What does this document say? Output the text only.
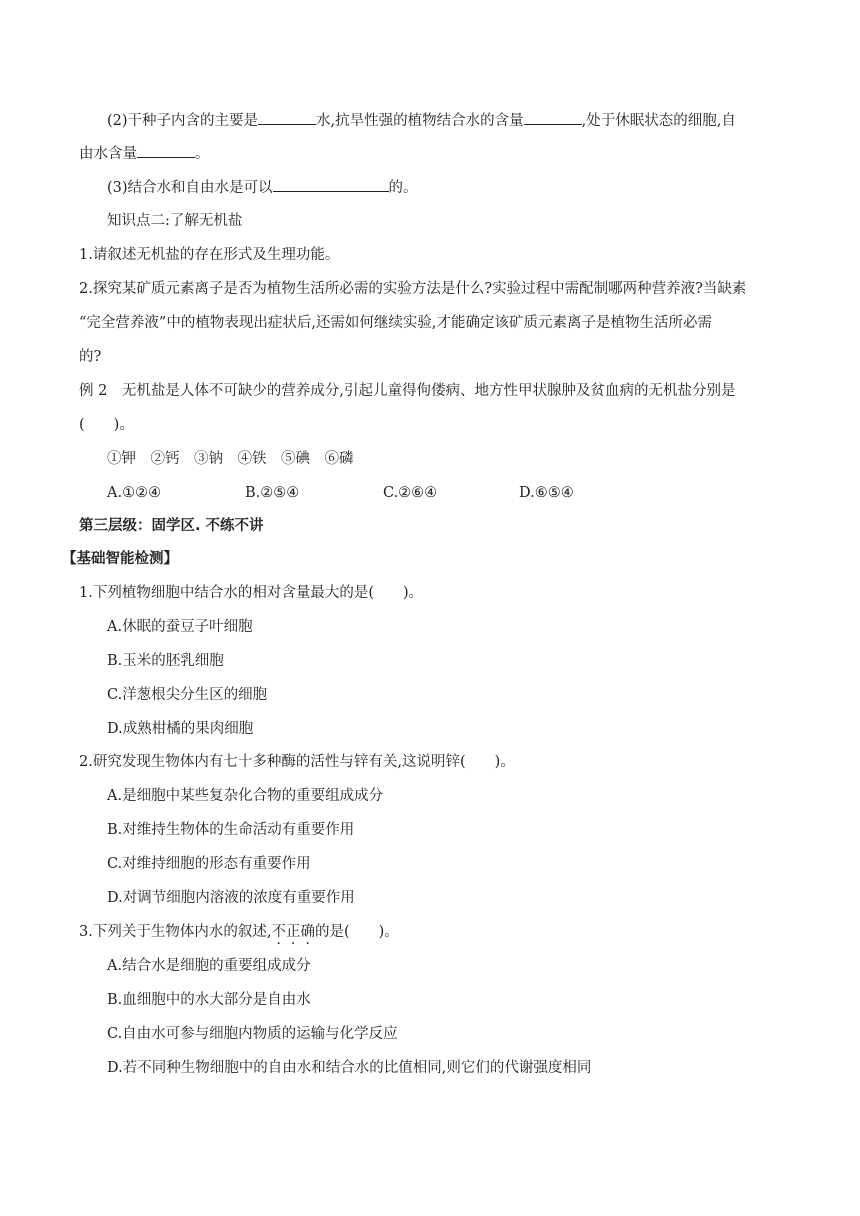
(2)干种子内含的主要是	水,抗旱性强的植物结合水的含量	,处于休眠状态的细胞,自
由水含量	。
(3)结合水和自由水是可以	的。
知识点二:了解无机盐
1.请叙述无机盐的存在形式及生理功能。
2.探究某矿质元素离子是否为植物生活所必需的实验方法是什么?实验过程中需配制哪两种营养液?当缺素
“完全营养液”中的植物表现出症状后,还需如何继续实验,才能确定该矿质元素离子是植物生活所必需
的?
例 2　无机盐是人体不可缺少的营养成分,引起儿童得佝偻病、地方性甲状腺肿及贫血病的无机盐分别是
(　　)。
①钾　②钙　③钠　④铁　⑤碘　⑥磷
A.①②④	B.②⑤④	C.②⑥④	D.⑥⑤④
第三层级：固学区. 不练不讲
【基础智能检测】
1.下列植物细胞中结合水的相对含量最大的是(　　)。
A.休眠的蚕豆子叶细胞
B.玉米的胚乳细胞
C.洋葱根尖分生区的细胞
D.成熟柑橘的果肉细胞
2.研究发现生物体内有七十多种酶的活性与锌有关,这说明锌(　　)。
A.是细胞中某些复杂化合物的重要组成成分
B.对维持生物体的生命活动有重要作用
C.对维持细胞的形态有重要作用
D.对调节细胞内溶液的浓度有重要作用
3.下列关于生物体内水的叙述,不正确的是(　　)。
A.结合水是细胞的重要组成成分
B.血细胞中的水大部分是自由水
C.自由水可参与细胞内物质的运输与化学反应
D.若不同种生物细胞中的自由水和结合水的比值相同,则它们的代谢强度相同
